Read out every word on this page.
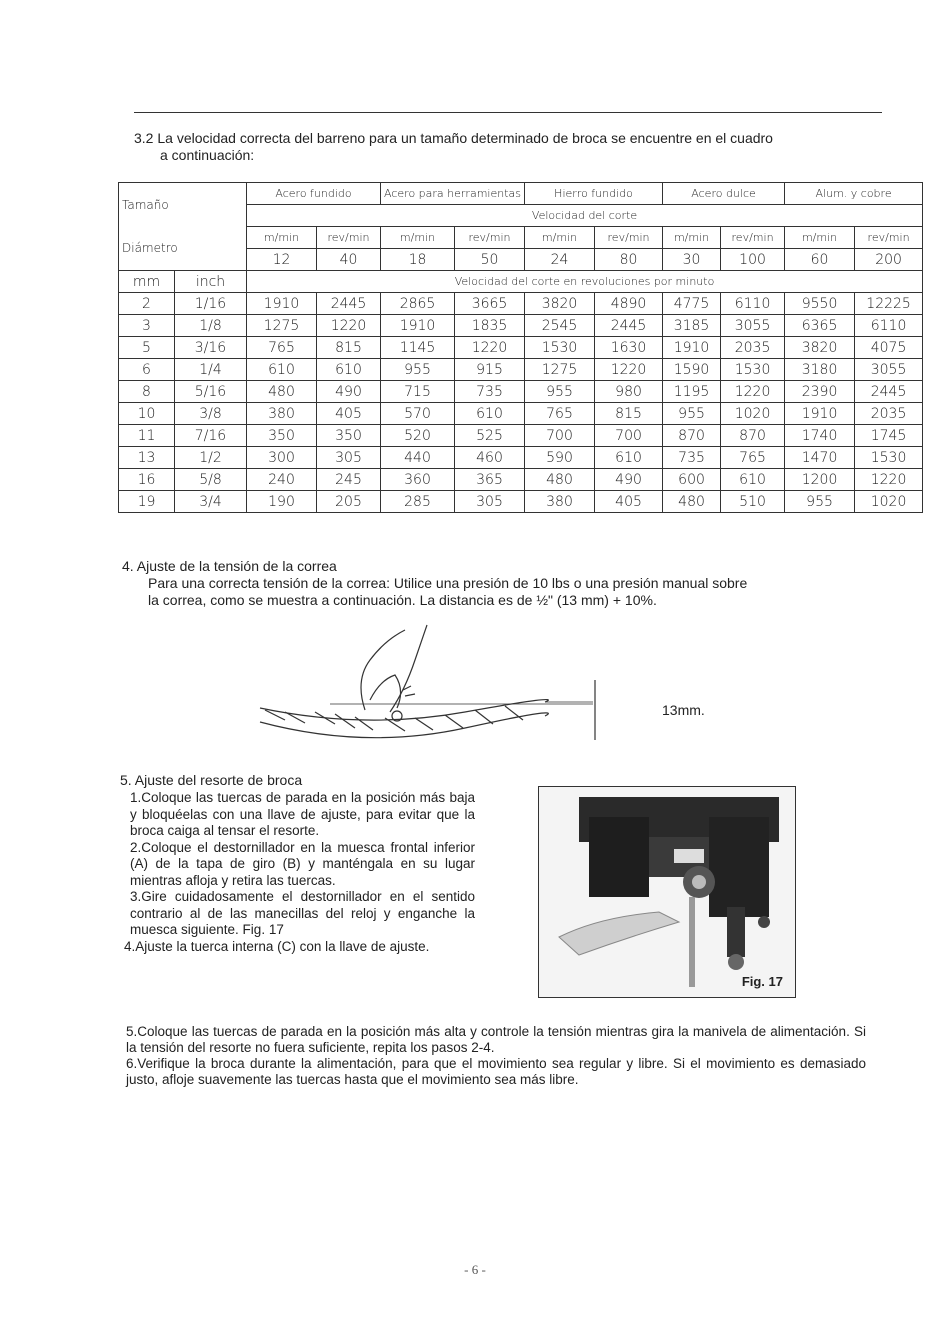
3.2 La velocidad correcta del barreno para un tamaño determinado de broca se encuentre en el cuadro
a continuación:
Tamaño		Acero fundido		Acero para herramientas		Hierro fundido		Acero dulce		Alum. y cobre	
		Velocidad del corte									
Diámetro		m/min	rev/min	m/min	rev/min	m/min	rev/min	m/min	rev/min	m/min	rev/min
		12	40	18	50	24	80	30	100	60	200
mm	inch	Velocidad del corte en revoluciones por minuto									
2	1/16	1910	2445	2865	3665	3820	4890	4775	6110	9550	12225
3	1/8	1275	1220	1910	1835	2545	2445	3185	3055	6365	6110
5	3/16	765	815	1145	1220	1530	1630	1910	2035	3820	4075
6	1/4	610	610	955	915	1275	1220	1590	1530	3180	3055
8	5/16	480	490	715	735	955	980	1195	1220	2390	2445
10	3/8	380	405	570	610	765	815	955	1020	1910	2035
11	7/16	350	350	520	525	700	700	870	870	1740	1745
13	1/2	300	305	440	460	590	610	735	765	1470	1530
16	5/8	240	245	360	365	480	490	600	610	1200	1220
19	3/4	190	205	285	305	380	405	480	510	955	1020
4. Ajuste de la tensión de la correa
Para una correcta tensión de la correa: Utilice una presión de 10 lbs o una presión manual sobre
la correa, como se muestra a continuación. La distancia es de ½" (13 mm) + 10%.
13mm.
5. Ajuste del resorte de broca
1.Coloque las tuercas de parada en la posición más baja y bloquéelas con una llave de ajuste, para evitar que la broca caiga al tensar el resorte.
2.Coloque el destornillador en la muesca frontal inferior (A) de la tapa de giro (B) y manténgala en su lugar mientras afloja y retira las tuercas.
3.Gire cuidadosamente el destornillador en el sentido contrario al de las manecillas del reloj y enganche la muesca siguiente. Fig. 17
4.Ajuste la tuerca interna (C) con la llave de ajuste.
Fig. 17
5.Coloque las tuercas de parada en la posición más alta y controle la tensión mientras gira la manivela de alimentación. Si la tensión del resorte no fuera suficiente, repita los pasos 2-4.
6.Verifique la broca durante la alimentación, para que el movimiento sea regular y libre. Si el movimiento es demasiado justo, afloje suavemente las tuercas hasta que el movimiento sea más libre.
- 6 -
